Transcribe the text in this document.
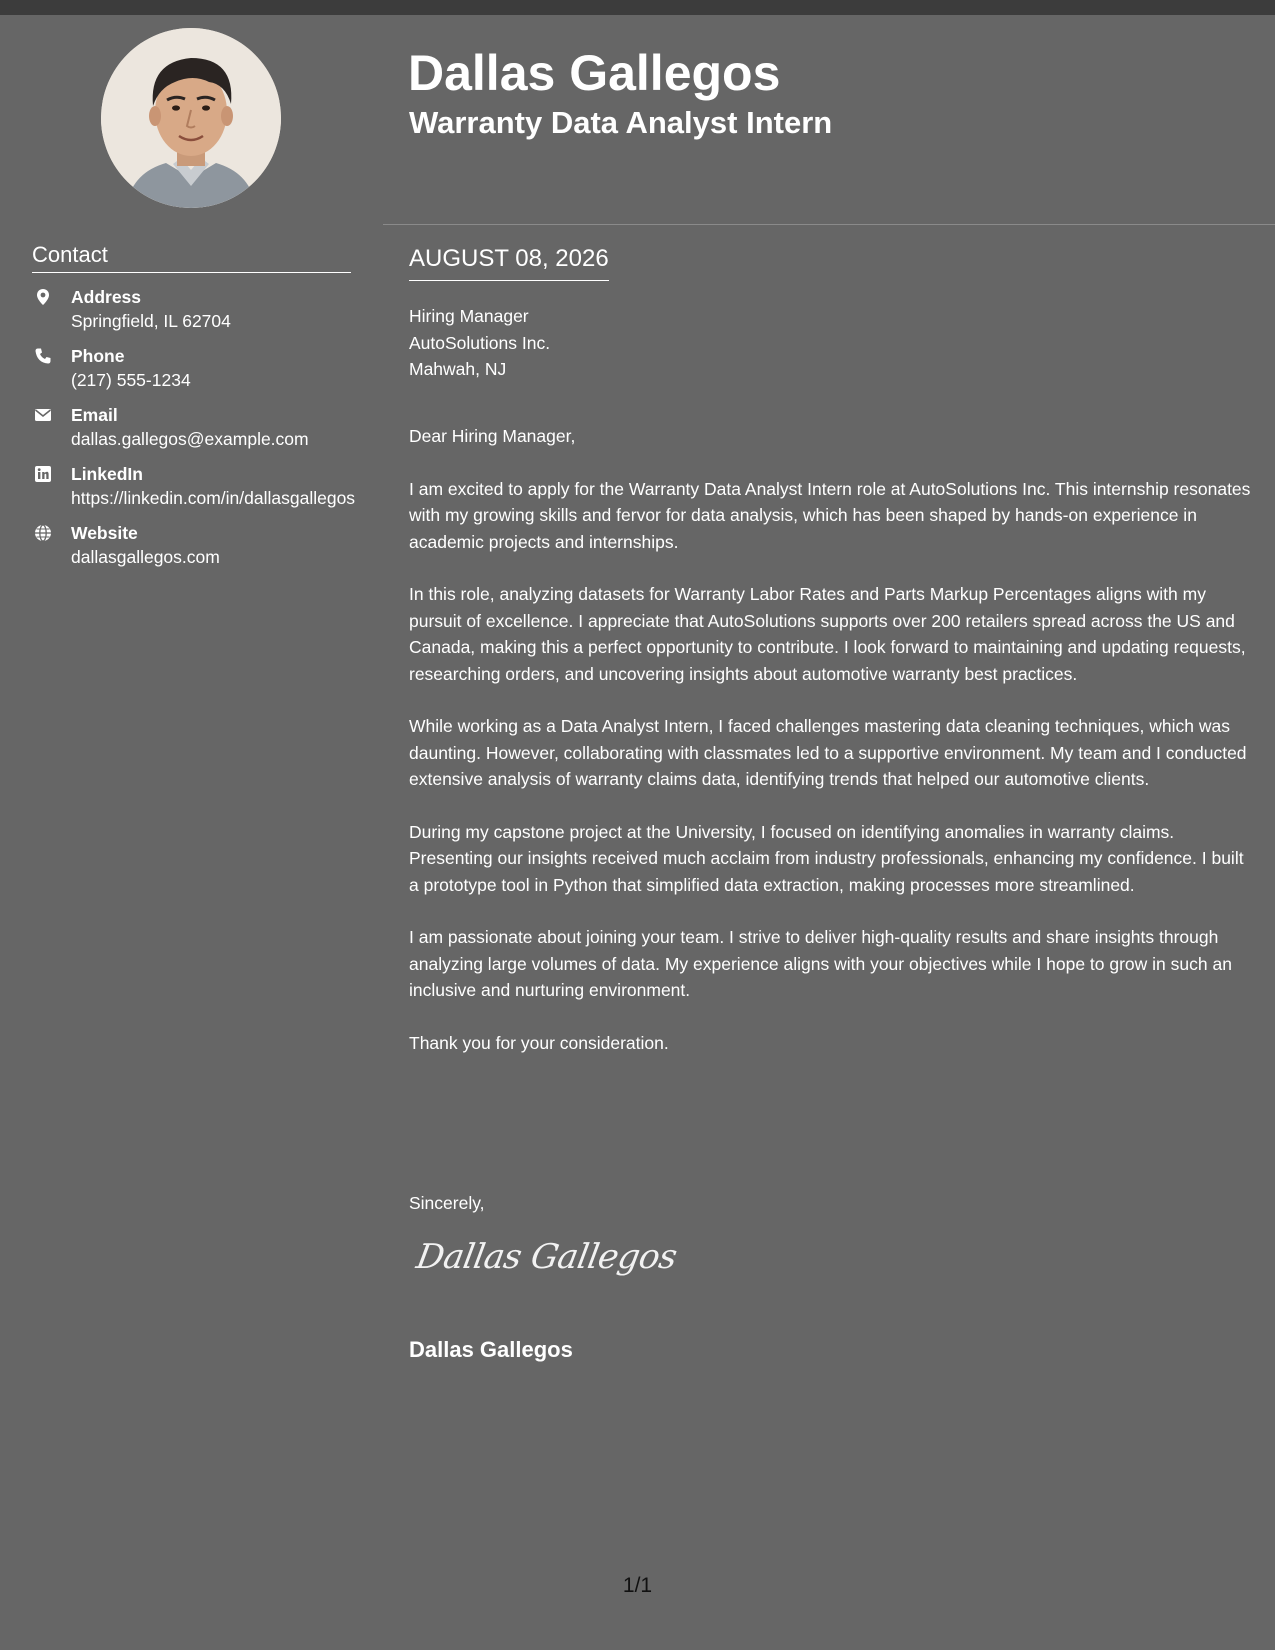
Contact
Address
Springfield, IL 62704
Phone
(217) 555-1234
Email
dallas.gallegos@example.com
LinkedIn
https://linkedin.com/in/dallasgallegos
Website
dallasgallegos.com
Dallas Gallegos
Warranty Data Analyst Intern
AUGUST 08, 2026
Hiring Manager
AutoSolutions Inc.
Mahwah, NJ

Dear Hiring Manager,

I am excited to apply for the Warranty Data Analyst Intern role at AutoSolutions Inc. This internship resonates with my growing skills and fervor for data analysis, which has been shaped by hands-on experience in academic projects and internships.

In this role, analyzing datasets for Warranty Labor Rates and Parts Markup Percentages aligns with my pursuit of excellence. I appreciate that AutoSolutions supports over 200 retailers spread across the US and Canada, making this a perfect opportunity to contribute. I look forward to maintaining and updating requests, researching orders, and uncovering insights about automotive warranty best practices.

While working as a Data Analyst Intern, I faced challenges mastering data cleaning techniques, which was daunting. However, collaborating with classmates led to a supportive environment. My team and I conducted extensive analysis of warranty claims data, identifying trends that helped our automotive clients.

During my capstone project at the University, I focused on identifying anomalies in warranty claims. Presenting our insights received much acclaim from industry professionals, enhancing my confidence. I built a prototype tool in Python that simplified data extraction, making processes more streamlined.

I am passionate about joining your team. I strive to deliver high-quality results and share insights through analyzing large volumes of data. My experience aligns with your objectives while I hope to grow in such an inclusive and nurturing environment.

Thank you for your consideration.

Sincerely,
Dallas Gallegos
Dallas Gallegos
1/1
